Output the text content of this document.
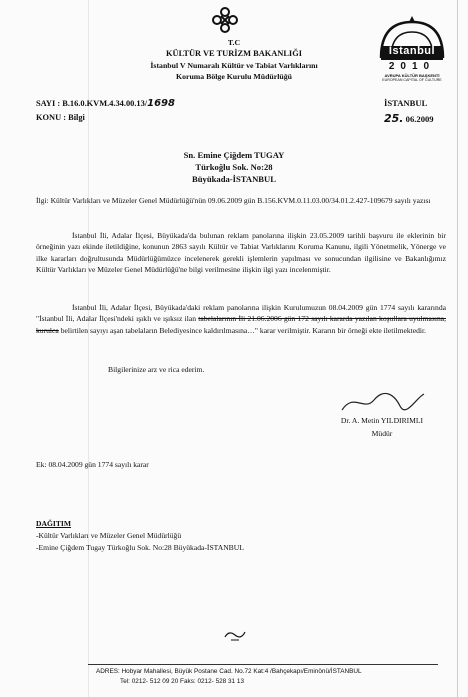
T.C
KÜLTÜR VE TURİZM BAKANLIĞI
İstanbul V Numaralı Kültür ve Tabiat Varlıklarını
Koruma Bölge Kurulu Müdürlüğü
İstanbul
2010
AVRUPA KÜLTÜR BAŞKENTİ
EUROPEAN CAPITAL OF CULTURE
SAYI : B.16.0.KVM.4.34.00.13/1698
KONU : Bilgi
İSTANBUL
25. 06.2009
Sn. Emine Çiğdem TUGAY
Türkoğlu Sok. No:28
Büyükada-İSTANBUL
İlgi: Kültür Varlıkları ve Müzeler Genel Müdürlüğü'nün 09.06.2009 gün B.156.KVM.0.11.03.00/34.01.2.427-109679 sayılı yazısı
İstanbul İli, Adalar İlçesi, Büyükada'da bulunan reklam panolarına ilişkin 23.05.2009 tarihli başvuru ile eklerinin bir örneğinin yazı ekinde iletildiğine, konunun 2863 sayılı Kültür ve Tabiat Varlıklarını Koruma Kanunu, ilgili Yönetmelik, Yönerge ve ilke kararları doğrultusunda Müdürlüğümüzce incelenerek gerekli işlemlerin yapılması ve sonucundan ilgilisine ve Bakanlığımız Kültür Varlıkları ve Müzeler Genel Müdürlüğü'ne bilgi verilmesine ilişkin ilgi yazı incelenmiştir.
İstanbul İli, Adalar İlçesi, Büyükada'daki reklam panolarına ilişkin Kurulumuzun 08.04.2009 gün 1774 sayılı kararında "İstanbul İli, Adalar İlçesi'ndeki ışıklı ve ışıksız ilan tabelalarının İli 21.06.2006 gün 172 sayılı kararda yazılan koşullara uyulmasına, kurulca belirtilen sayıyı aşan tabelaların Belediyesince kaldırılmasına…" karar verilmiştir. Kararın bir örneği ekte iletilmektedir.
Bilgilerinize arz ve rica ederim.
Dr. A. Metin YILDIRIMLI
Müdür
Ek: 08.04.2009 gün 1774 sayılı karar
DAĞITIM
-Kültür Varlıkları ve Müzeler Genel Müdürlüğü
-Emine Çiğdem Tugay Türkoğlu Sok. No:28 Büyükada-İSTANBUL
ADRES: Hobyar Mahallesi, Büyük Postane Cad. No.72 Kat:4 /Bahçekapı/Eminönü/İSTANBUL
Tel: 0212- 512 09 20 Faks: 0212- 528 31 13
